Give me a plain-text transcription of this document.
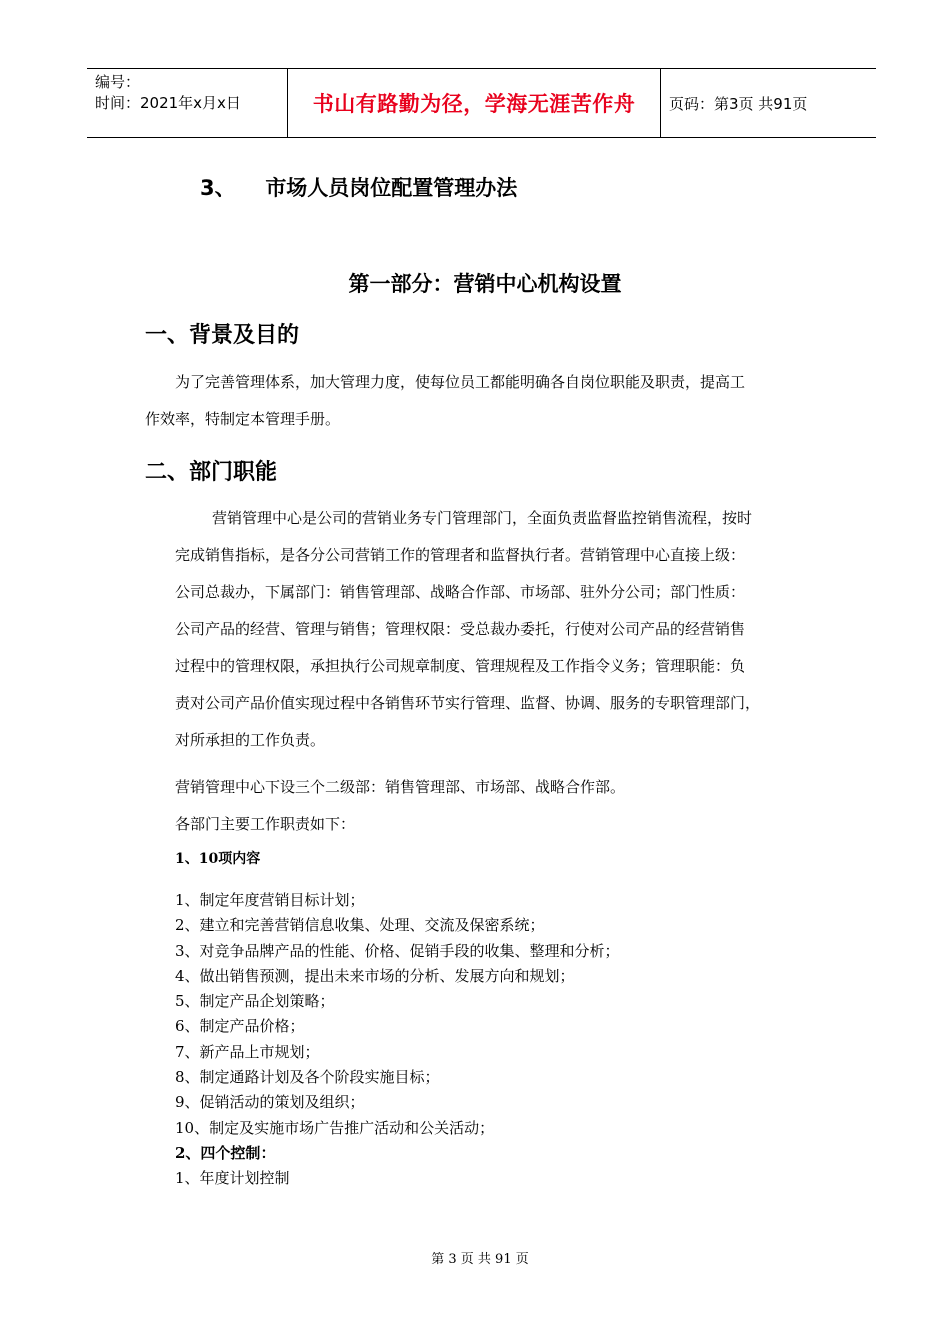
编号：
时间：2021年x月x日	书山有路勤为径，学海无涯苦作舟	页码：第3页 共91页
3、 市场人员岗位配置管理办法
第一部分：营销中心机构设置
一、背景及目的
为了完善管理体系，加大管理力度，使每位员工都能明确各自岗位职能及职责，提高工
作效率，特制定本管理手册。
二、部门职能
营销管理中心是公司的营销业务专门管理部门，全面负责监督监控销售流程，按时
完成销售指标，是各分公司营销工作的管理者和监督执行者。营销管理中心直接上级：
公司总裁办，下属部门：销售管理部、战略合作部、市场部、驻外分公司；部门性质：
公司产品的经营、管理与销售；管理权限：受总裁办委托，行使对公司产品的经营销售
过程中的管理权限，承担执行公司规章制度、管理规程及工作指令义务；管理职能：负
责对公司产品价值实现过程中各销售环节实行管理、监督、协调、服务的专职管理部门，
对所承担的工作负责。
营销管理中心下设三个二级部：销售管理部、市场部、战略合作部。
各部门主要工作职责如下：
1、10项内容
1、制定年度营销目标计划；
2、建立和完善营销信息收集、处理、交流及保密系统；
3、对竞争品牌产品的性能、价格、促销手段的收集、整理和分析；
4、做出销售预测，提出未来市场的分析、发展方向和规划；
5、制定产品企划策略；
6、制定产品价格；
7、新产品上市规划；
8、制定通路计划及各个阶段实施目标；
9、促销活动的策划及组织；
10、制定及实施市场广告推广活动和公关活动；
2、四个控制：
1、年度计划控制
第 3 页 共 91 页
